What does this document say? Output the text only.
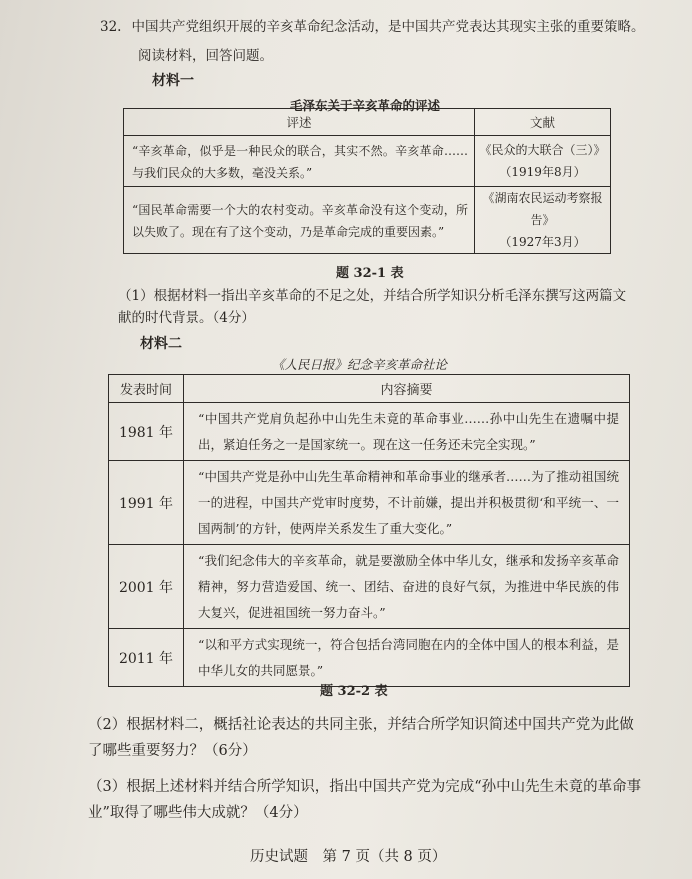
32. 中国共产党组织开展的辛亥革命纪念活动，是中国共产党表达其现实主张的重要策略。
阅读材料，回答问题。
材料一
毛泽东关于辛亥革命的评述
评述	文献
“辛亥革命，似乎是一种民众的联合，其实不然。辛亥革命……与我们民众的大多数，毫没关系。”	《民众的大联合（三）》
（1919年8月）

“国民革命需要一个大的农村变动。辛亥革命没有这个变动，所以失败了。现在有了这个变动，乃是革命完成的重要因素。”	《湖南农民运动考察报告》
（1927年3月）
题 32-1 表
（1）根据材料一指出辛亥革命的不足之处，并结合所学知识分析毛泽东撰写这两篇文献的时代背景。（4分）
材料二
《人民日报》纪念辛亥革命社论
发表时间	内容摘要
1981 年	“中国共产党肩负起孙中山先生未竟的革命事业……孙中山先生在遗嘱中提出，紧迫任务之一是国家统一。现在这一任务还未完全实现。”
1991 年	“中国共产党是孙中山先生革命精神和革命事业的继承者……为了推动祖国统一的进程，中国共产党审时度势，不计前嫌，提出并积极贯彻‘和平统一、一国两制’的方针，使两岸关系发生了重大变化。”
2001 年	“我们纪念伟大的辛亥革命，就是要激励全体中华儿女，继承和发扬辛亥革命精神，努力营造爱国、统一、团结、奋进的良好气氛，为推进中华民族的伟大复兴，促进祖国统一努力奋斗。”
2011 年	“以和平方式实现统一，符合包括台湾同胞在内的全体中国人的根本利益，是中华儿女的共同愿景。”
题 32-2 表
（2）根据材料二，概括社论表达的共同主张，并结合所学知识简述中国共产党为此做了哪些重要努力？（6分）
（3）根据上述材料并结合所学知识，指出中国共产党为完成“孙中山先生未竟的革命事业”取得了哪些伟大成就？（4分）
历史试题　第 7 页（共 8 页）
